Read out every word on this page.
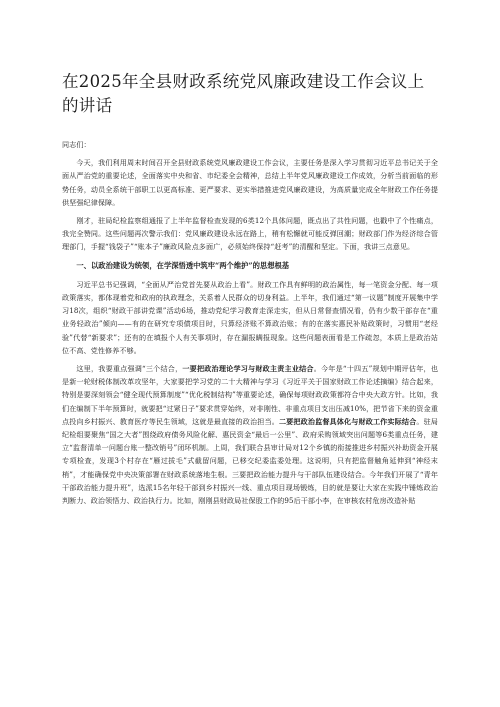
在2025年全县财政系统党风廉政建设工作会议上的讲话

同志们：

今天，我们利用周末时间召开全县财政系统党风廉政建设工作会议，主要任务是深入学习贯彻习近平总书记关于全面从严治党的重要论述，全面落实中央和省、市纪委全会精神，总结上半年党风廉政建设工作成效，分析当前面临的形势任务，动员全系统干部职工以更高标准、更严要求、更实举措推进党风廉政建设，为高质量完成全年财政工作任务提供坚强纪律保障。

刚才，驻局纪检监察组通报了上半年监督检查发现的6类12个具体问题，既点出了共性问题，也戳中了个性痛点，我完全赞同。这些问题再次警示我们：党风廉政建设永远在路上，稍有松懈就可能反弹回潮；财政部门作为经济综合管理部门，手握“钱袋子”“账本子”廉政风险点多面广，必须始终保持“赶考”的清醒和坚定。下面，我讲三点意见。

一、以政治建设为统领，在学深悟透中筑牢“两个维护”的思想根基

习近平总书记强调，“全面从严治党首先要从政治上看”。财政工作具有鲜明的政治属性，每一笔资金分配、每一项政策落实，都体现着党和政府的执政理念，关系着人民群众的切身利益。上半年，我们通过“第一议题”制度开展集中学习18次，组织“财政干部讲党课”活动6场，推动党纪学习教育走深走实，但从日常督查情况看，仍有少数干部存在“重业务轻政治”倾向——有的在研究专项债项目时，只算经济账不算政治账；有的在落实惠民补贴政策时，习惯用“老经验”代替“新要求”；还有的在填报个人有关事项时，存在漏报瞒报现象。这些问题表面看是工作疏忽，本质上是政治站位不高、党性修养不够。

这里，我要重点强调“三个结合，一要把政治理论学习与财政主责主业结合。今年是“十四五”规划中期评估年，也是新一轮财税体制改革攻坚年，大家要把学习党的二十大精神与学习《习近平关于国家财政工作论述摘编》结合起来，特别是要深刻领会“健全现代预算制度”“优化税制结构”等重要论述，确保每项财政政策都符合中央大政方针。比如，我们在编制下半年预算时，就要把“过紧日子”要求贯穿始终，对非刚性、非重点项目支出压减10%，把节省下来的资金重点投向乡村振兴、教育医疗等民生领域，这就是最直接的政治担当。二要把政治监督具体化与财政工作实际结合。驻局纪检组要聚焦“国之大者”围绕政府债务风险化解、惠民资金“最后一公里”、政府采购领域突出问题等6类重点任务，建立“监督清单一问题台账一整改销号”闭环机制。上周，我们联合县审计局对12个乡镇的衔接推进乡村振兴补助资金开展专项检查，发现3个村存在“雁过拔毛”式截留问题，已移交纪委监委处理。这说明，只有把监督触角延伸到“神经末梢”，才能确保党中央决策部署在财政系统落地生根。三要把政治能力提升与干部队伍建设结合。今年我们开展了“青年干部政治能力提升班”，选派15名年轻干部到乡村振兴一线、重点项目现场锻炼，目的就是要让大家在实践中锤炼政治判断力、政治领悟力、政治执行力。比如，刚刚县财政局社保股工作的95后干部小李，在审核农村危房改造补贴
